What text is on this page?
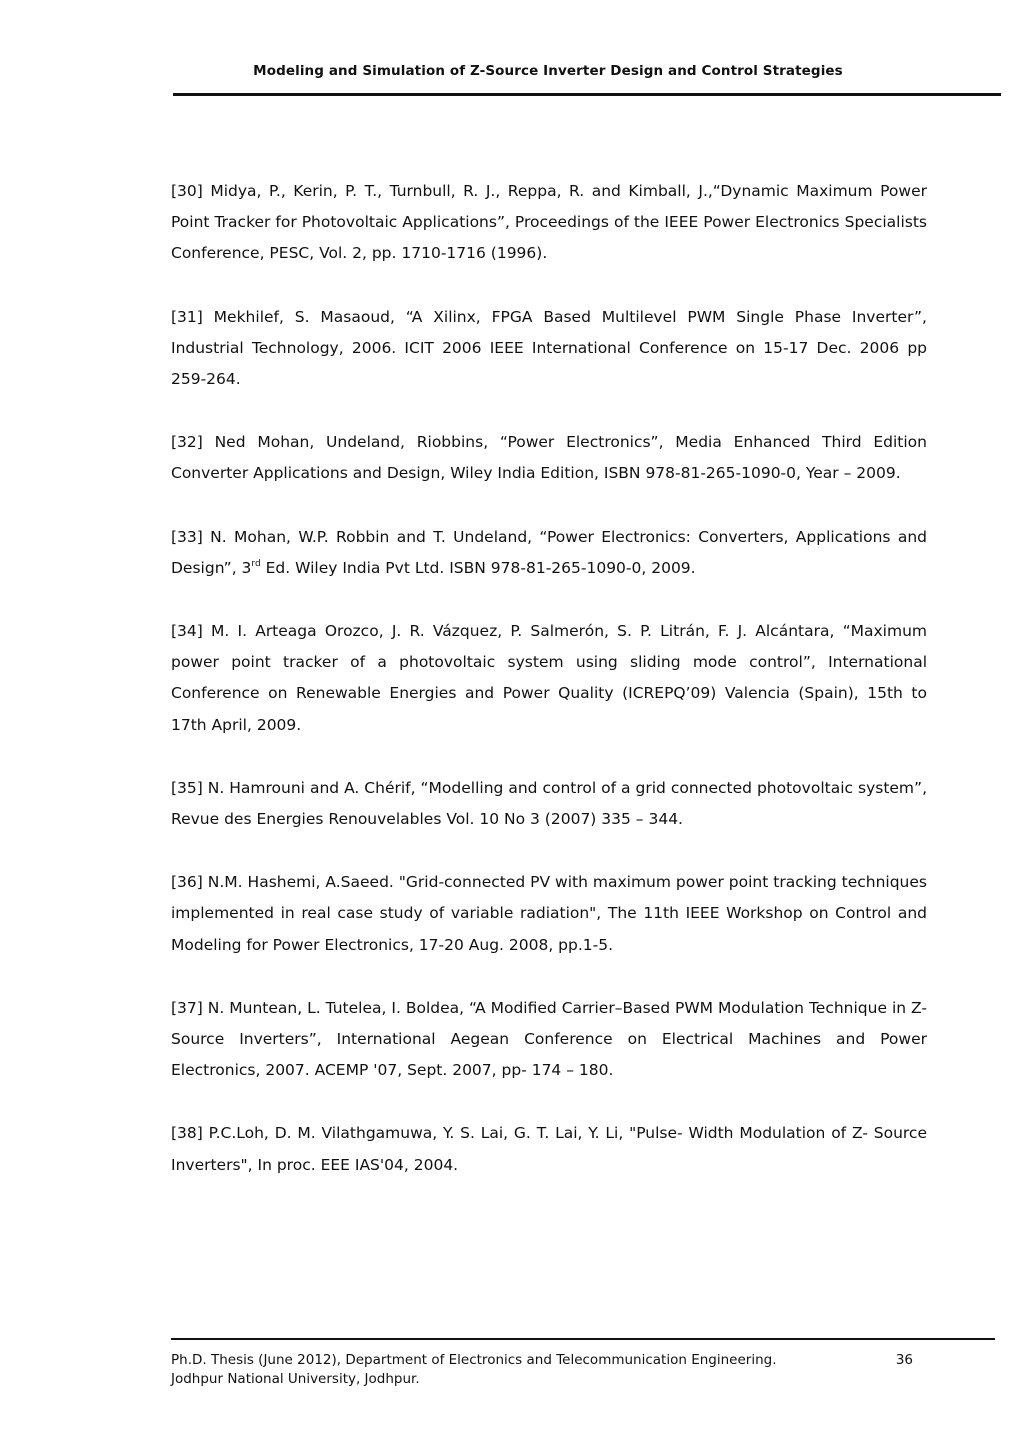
Modeling and Simulation of Z-Source Inverter Design and Control Strategies

[30] Midya, P., Kerin, P. T., Turnbull, R. J., Reppa, R. and Kimball, J.,“Dynamic Maximum Power Point Tracker for Photovoltaic Applications”, Proceedings of the IEEE Power Electronics Specialists Conference, PESC, Vol. 2, pp. 1710-1716 (1996).

[31] Mekhilef, S. Masaoud, “A Xilinx, FPGA Based Multilevel PWM Single Phase Inverter”, Industrial Technology, 2006. ICIT 2006 IEEE International Conference on 15-17 Dec. 2006 pp 259-264.

[32] Ned Mohan, Undeland, Riobbins, “Power Electronics”, Media Enhanced Third Edition Converter Applications and Design, Wiley India Edition, ISBN 978-81-265-1090-0, Year – 2009.

[33] N. Mohan, W.P. Robbin and T. Undeland, “Power Electronics: Converters, Applications and Design”, 3rd Ed. Wiley India Pvt Ltd. ISBN 978-81-265-1090-0, 2009.

[34] M. I. Arteaga Orozco, J. R. Vázquez, P. Salmerón, S. P. Litrán, F. J. Alcántara, “Maximum power point tracker of a photovoltaic system using sliding mode control”, International Conference on Renewable Energies and Power Quality (ICREPQ’09) Valencia (Spain), 15th to 17th April, 2009.

[35] N. Hamrouni and A. Chérif, “Modelling and control of a grid connected photovoltaic system”, Revue des Energies Renouvelables Vol. 10 No 3 (2007) 335 – 344.

[36] N.M. Hashemi, A.Saeed. "Grid-connected PV with maximum power point tracking techniques implemented in real case study of variable radiation", The 11th IEEE Workshop on Control and Modeling for Power Electronics, 17-20 Aug. 2008, pp.1-5.

[37] N. Muntean, L. Tutelea, I. Boldea, “A Modified Carrier–Based PWM Modulation Technique in Z-Source Inverters”, International Aegean Conference on Electrical Machines and Power Electronics, 2007. ACEMP '07, Sept. 2007, pp- 174 – 180.

[38] P.C.Loh, D. M. Vilathgamuwa, Y. S. Lai, G. T. Lai, Y. Li, "Pulse- Width Modulation of Z- Source Inverters", In proc. EEE IAS'04, 2004.

Ph.D. Thesis (June 2012), Department of Electronics and Telecommunication Engineering.	36
Jodhpur National University, Jodhpur.
